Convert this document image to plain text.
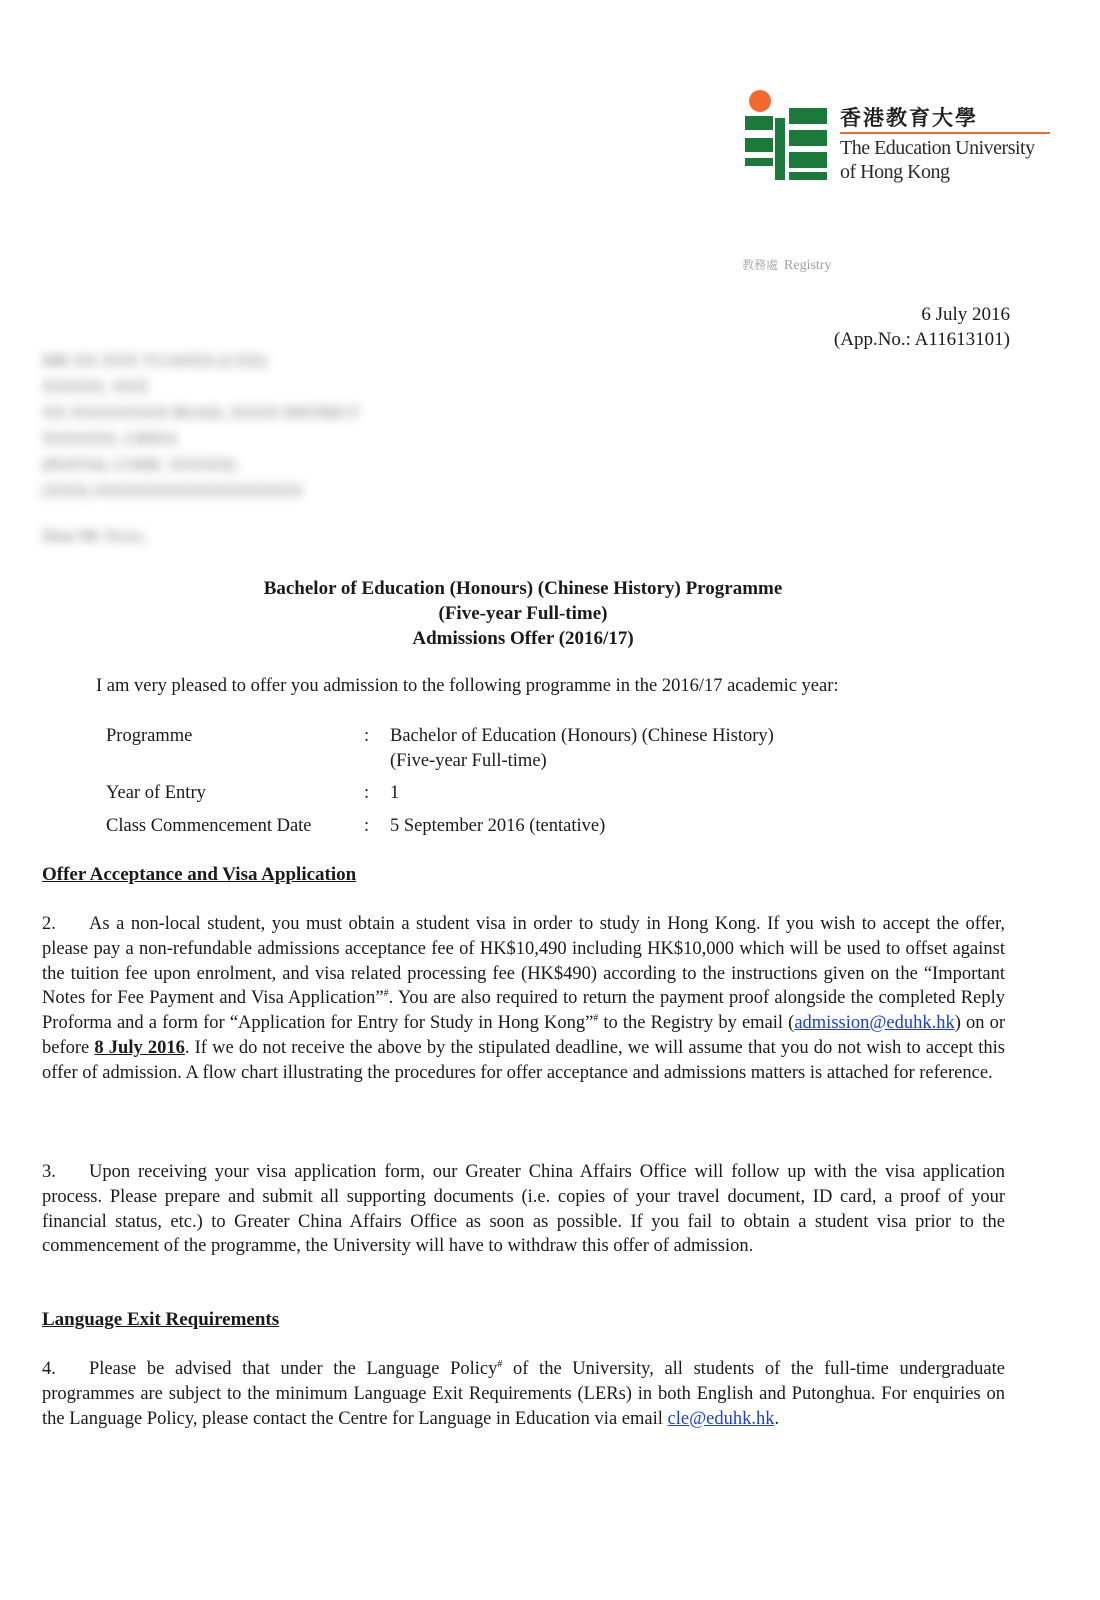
香港教育大學
The Education University
of Hong Kong
教務處 Registry
6 July 2016
(App.No.: A11613101)
MR XX XXX YUANXX (CXX)
XXXXX, XXX
XX XXXXXXXX ROAD, XXXX DISTRICT
XXXXXX, CHINA
(POSTAL CODE: XXXXX)
(XXX) XXXXXXXXXXXXXXXXX
Dear Mr Xxxx,
Bachelor of Education (Honours) (Chinese History) Programme
(Five-year Full-time)
Admissions Offer (2016/17)
I am very pleased to offer you admission to the following programme in the 2016/17 academic year:
Programme	:	Bachelor of Education (Honours) (Chinese History)
(Five-year Full-time)
Year of Entry	:	1
Class Commencement Date	:	5 September 2016 (tentative)
Offer Acceptance and Visa Application
2. As a non-local student, you must obtain a student visa in order to study in Hong Kong. If you wish to accept the offer, please pay a non-refundable admissions acceptance fee of HK$10,490 including HK$10,000 which will be used to offset against the tuition fee upon enrolment, and visa related processing fee (HK$490) according to the instructions given on the “Important Notes for Fee Payment and Visa Application”#. You are also required to return the payment proof alongside the completed Reply Proforma and a form for “Application for Entry for Study in Hong Kong”# to the Registry by email (admission@eduhk.hk) on or before 8 July 2016. If we do not receive the above by the stipulated deadline, we will assume that you do not wish to accept this offer of admission. A flow chart illustrating the procedures for offer acceptance and admissions matters is attached for reference.
3. Upon receiving your visa application form, our Greater China Affairs Office will follow up with the visa application process. Please prepare and submit all supporting documents (i.e. copies of your travel document, ID card, a proof of your financial status, etc.) to Greater China Affairs Office as soon as possible. If you fail to obtain a student visa prior to the commencement of the programme, the University will have to withdraw this offer of admission.
Language Exit Requirements
4. Please be advised that under the Language Policy# of the University, all students of the full-time undergraduate programmes are subject to the minimum Language Exit Requirements (LERs) in both English and Putonghua. For enquiries on the Language Policy, please contact the Centre for Language in Education via email cle@eduhk.hk.
